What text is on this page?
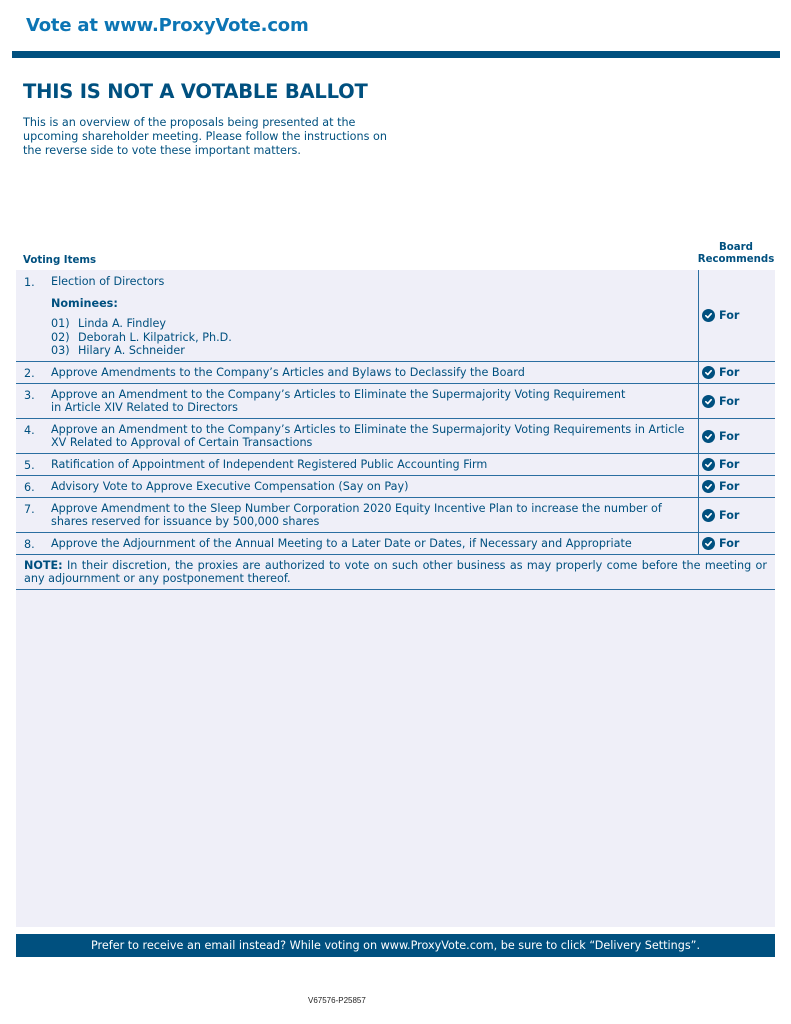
Vote at www.ProxyVote.com
THIS IS NOT A VOTABLE BALLOT
This is an overview of the proposals being presented at the upcoming shareholder meeting. Please follow the instructions on the reverse side to vote these important matters.
Voting Items
Board
Recommends
1.	Election of Directors
Nominees:
01) Linda A. Findley
02) Deborah L. Kilpatrick, Ph.D.
03) Hilary A. Schneider
For
2.	Approve Amendments to the Company’s Articles and Bylaws to Declassify the Board	For
3.	Approve an Amendment to the Company’s Articles to Eliminate the Supermajority Voting Requirement in Article XIV Related to Directors	For
4.	Approve an Amendment to the Company’s Articles to Eliminate the Supermajority Voting Requirements in Article XV Related to Approval of Certain Transactions	For
5.	Ratification of Appointment of Independent Registered Public Accounting Firm	For
6.	Advisory Vote to Approve Executive Compensation (Say on Pay)	For
7.	Approve Amendment to the Sleep Number Corporation 2020 Equity Incentive Plan to increase the number of shares reserved for issuance by 500,000 shares	For
8.	Approve the Adjournment of the Annual Meeting to a Later Date or Dates, if Necessary and Appropriate	For
NOTE: In their discretion, the proxies are authorized to vote on such other business as may properly come before the meeting or any adjournment or any postponement thereof.
Prefer to receive an email instead? While voting on www.ProxyVote.com, be sure to click “Delivery Settings”.
V67576-P25857
